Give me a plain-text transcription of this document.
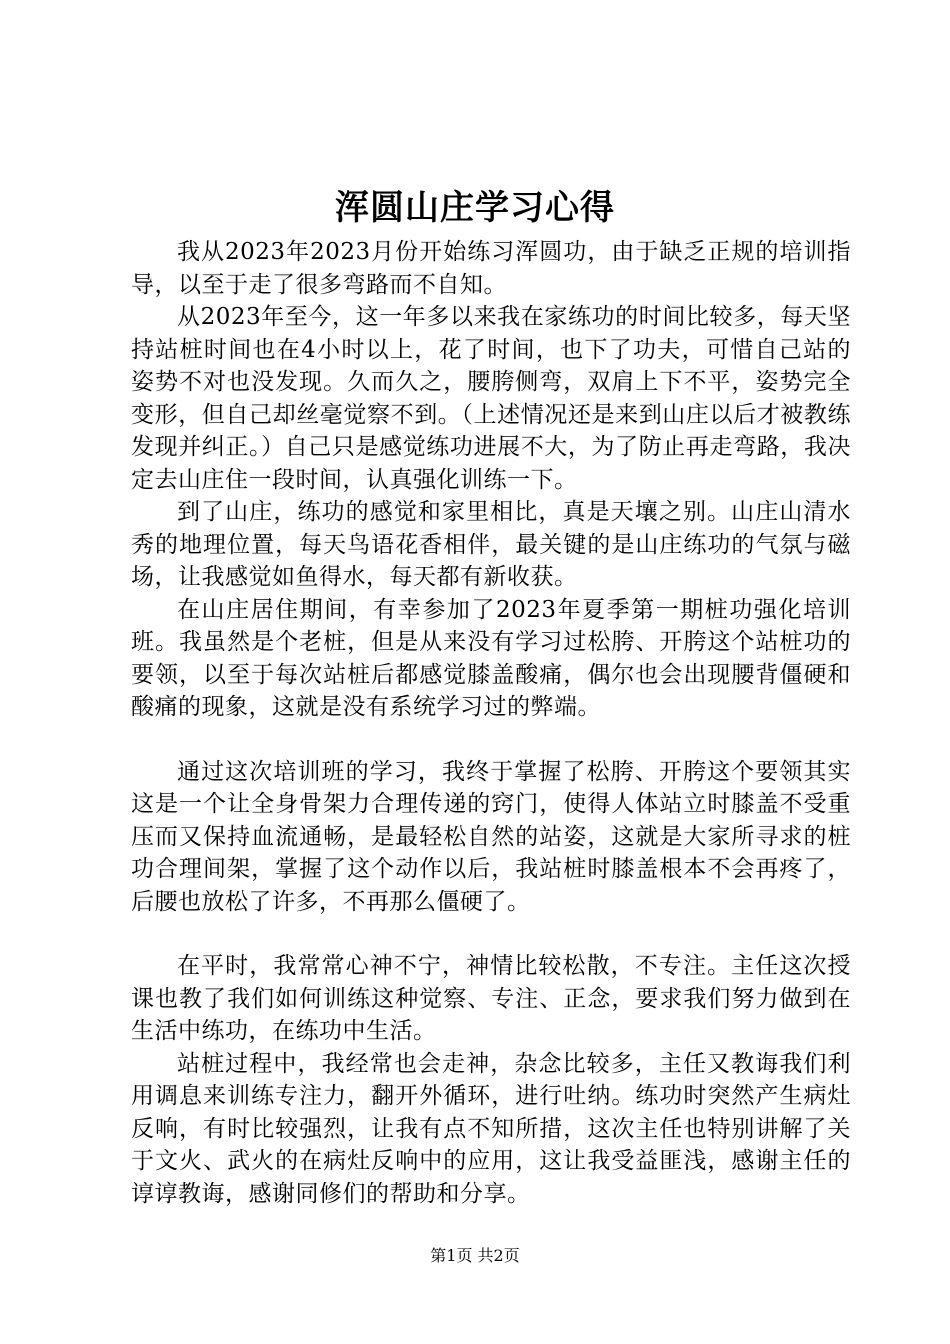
浑圆山庄学习心得

我从2023年2023月份开始练习浑圆功，由于缺乏正规的培训指导，以至于走了很多弯路而不自知。

从2023年至今，这一年多以来我在家练功的时间比较多，每天坚持站桩时间也在4小时以上，花了时间，也下了功夫，可惜自己站的姿势不对也没发现。久而久之，腰胯侧弯，双肩上下不平，姿势完全变形，但自己却丝毫觉察不到。（上述情况还是来到山庄以后才被教练发现并纠正。）自己只是感觉练功进展不大，为了防止再走弯路，我决定去山庄住一段时间，认真强化训练一下。

到了山庄，练功的感觉和家里相比，真是天壤之别。山庄山清水秀的地理位置，每天鸟语花香相伴，最关键的是山庄练功的气氛与磁场，让我感觉如鱼得水，每天都有新收获。

在山庄居住期间，有幸参加了2023年夏季第一期桩功强化培训班。我虽然是个老桩，但是从来没有学习过松胯、开胯这个站桩功的要领，以至于每次站桩后都感觉膝盖酸痛，偶尔也会出现腰背僵硬和酸痛的现象，这就是没有系统学习过的弊端。

通过这次培训班的学习，我终于掌握了松胯、开胯这个要领其实这是一个让全身骨架力合理传递的窍门，使得人体站立时膝盖不受重压而又保持血流通畅，是最轻松自然的站姿，这就是大家所寻求的桩功合理间架，掌握了这个动作以后，我站桩时膝盖根本不会再疼了，后腰也放松了许多，不再那么僵硬了。

在平时，我常常心神不宁，神情比较松散，不专注。主任这次授课也教了我们如何训练这种觉察、专注、正念，要求我们努力做到在生活中练功，在练功中生活。

站桩过程中，我经常也会走神，杂念比较多，主任又教诲我们利用调息来训练专注力，翻开外循环，进行吐纳。练功时突然产生病灶反响，有时比较强烈，让我有点不知所措，这次主任也特别讲解了关于文火、武火的在病灶反响中的应用，这让我受益匪浅，感谢主任的谆谆教诲，感谢同修们的帮助和分享。

第1页 共2页
